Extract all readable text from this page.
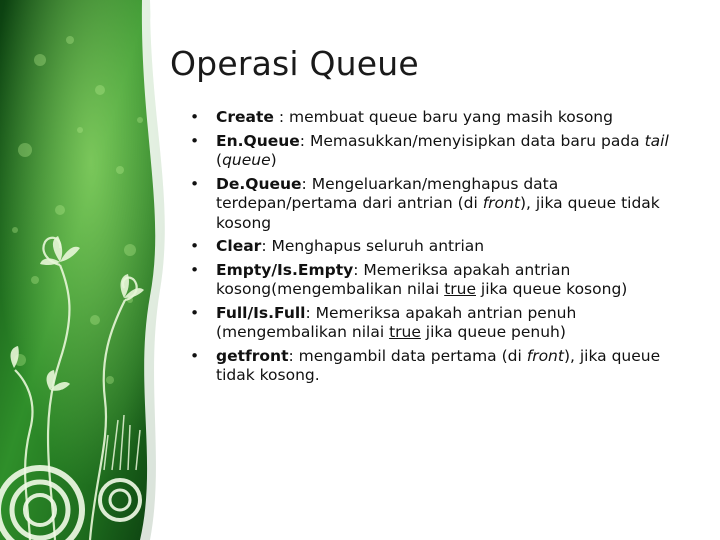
Operasi Queue
• Create : membuat queue baru yang masih kosong
• En.Queue: Memasukkan/menyisipkan data baru pada tail (queue)
• De.Queue: Mengeluarkan/menghapus data terdepan/pertama dari antrian (di front), jika queue tidak kosong
• Clear: Menghapus seluruh antrian
• Empty/Is.Empty: Memeriksa apakah antrian kosong(mengembalikan nilai true jika queue kosong)
• Full/Is.Full: Memeriksa apakah antrian penuh (mengembalikan nilai true jika queue penuh)
• getfront: mengambil data pertama (di front), jika queue tidak kosong.
